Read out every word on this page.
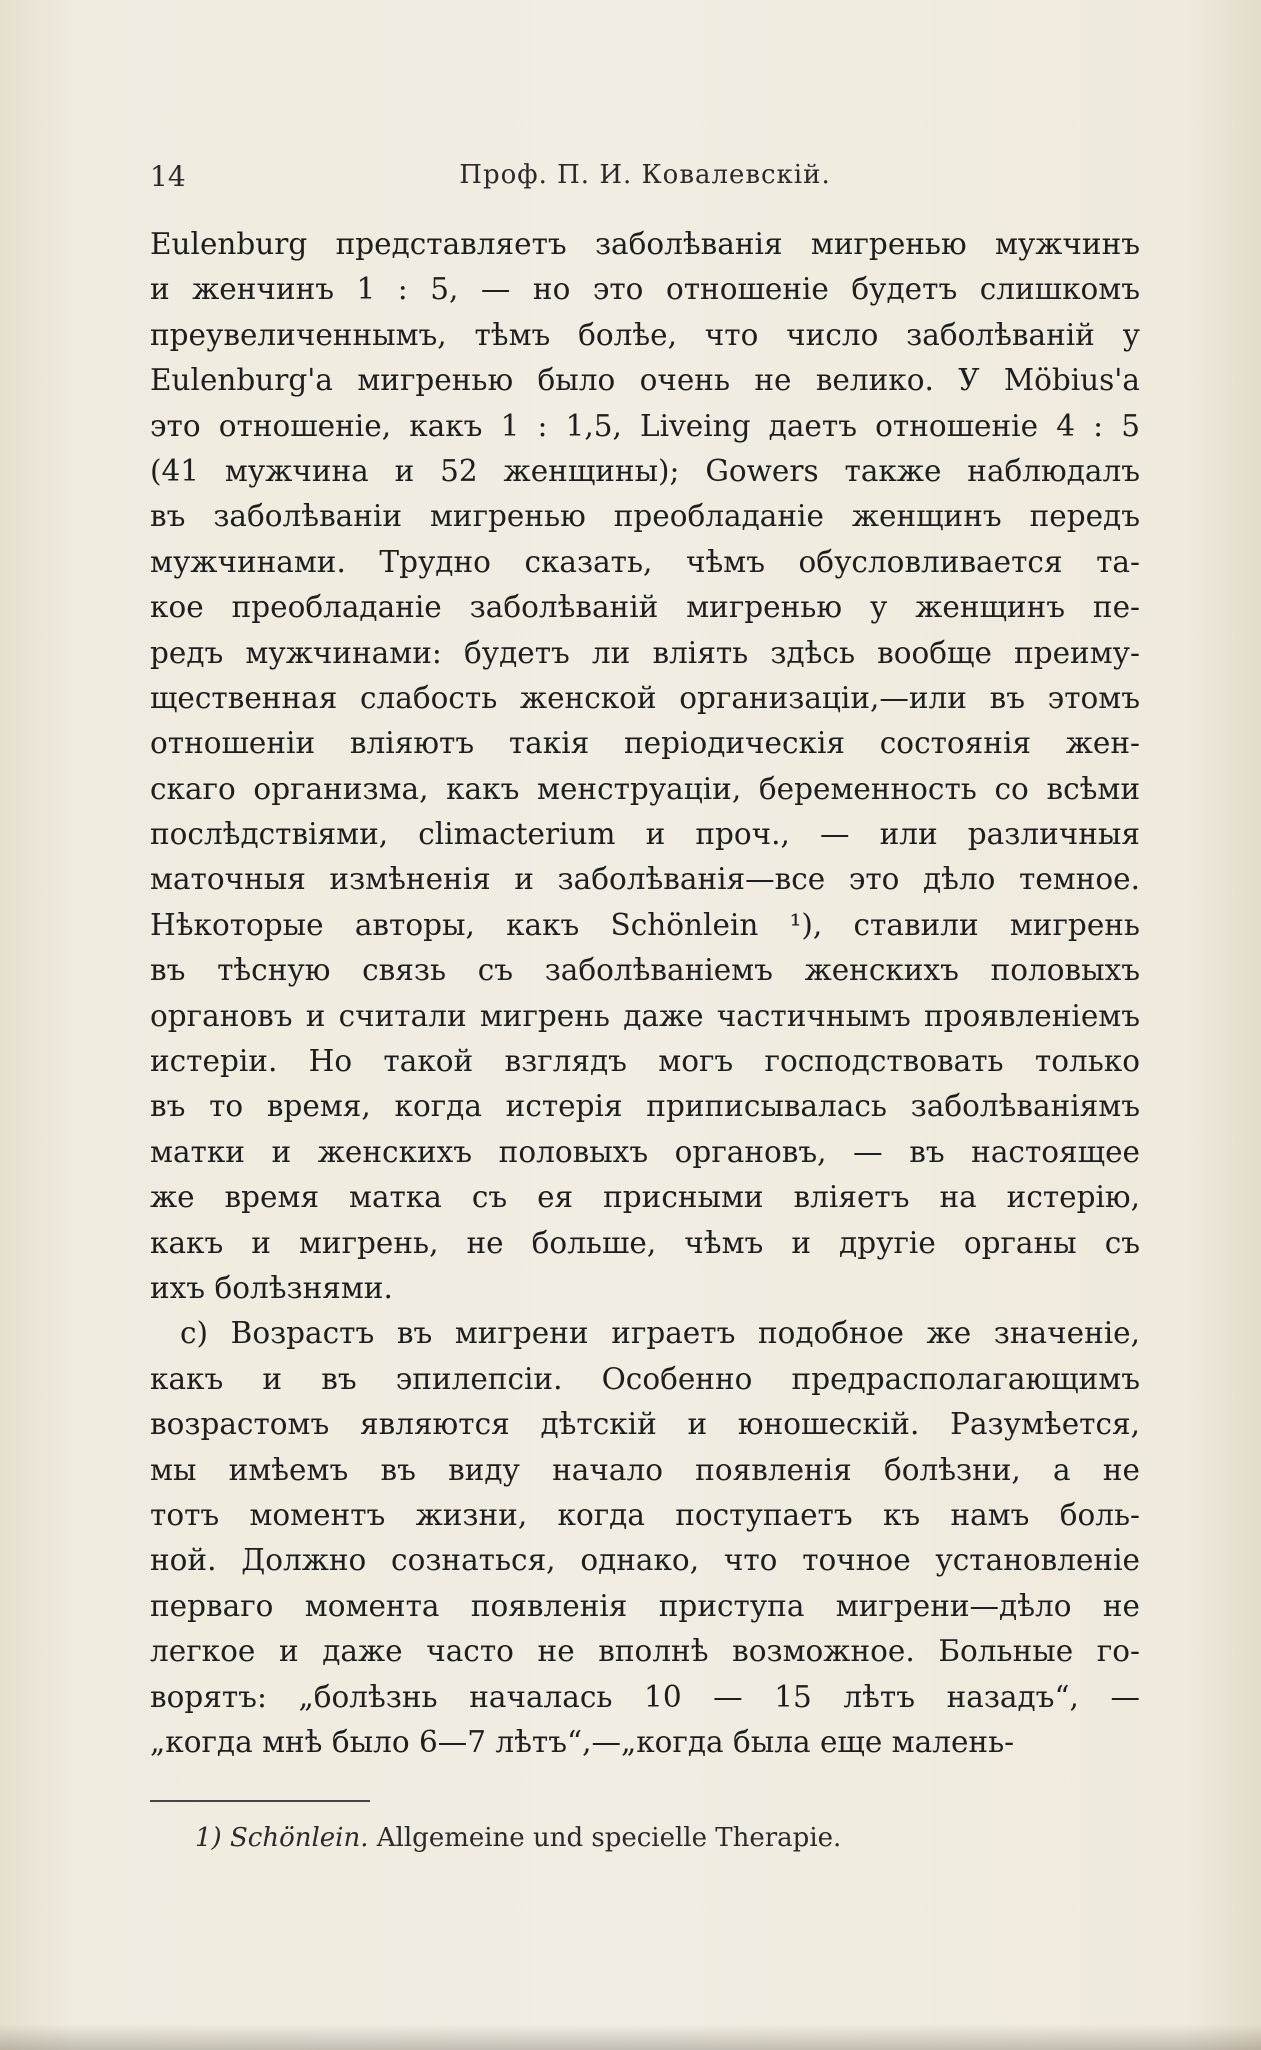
14	Проф. П. И. Ковалевскій.
Eulenburg представляетъ заболѣванія мигренью мужчинъ
и женчинъ 1 : 5, — но это отношеніе будетъ слишкомъ
преувеличеннымъ, тѣмъ болѣе, что число заболѣваній у
Eulenburg'а мигренью было очень не велико. У Möbius'а
это отношеніе, какъ 1 : 1,5, Liveing даетъ отношеніе 4 : 5
(41 мужчина и 52 женщины); Gowers также наблюдалъ
въ заболѣваніи мигренью преобладаніе женщинъ передъ
мужчинами. Трудно сказать, чѣмъ обусловливается та-
кое преобладаніе заболѣваній мигренью у женщинъ пе-
редъ мужчинами: будетъ ли вліять здѣсь вообще преиму-
щественная слабость женской организаціи,—или въ этомъ
отношеніи вліяютъ такія періодическія состоянія жен-
скаго организма, какъ менструаціи, беременность со всѣми
послѣдствіями, climacterium и проч., — или различныя
маточныя измѣненія и заболѣванія—все это дѣло темное.
Нѣкоторые авторы, какъ Schönlein ¹), ставили мигрень
въ тѣсную связь съ заболѣваніемъ женскихъ половыхъ
органовъ и считали мигрень даже частичнымъ проявленіемъ
истеріи. Но такой взглядъ могъ господствовать только
въ то время, когда истерія приписывалась заболѣваніямъ
матки и женскихъ половыхъ органовъ, — въ настоящее
же время матка съ ея присными вліяетъ на истерію,
какъ и мигрень, не больше, чѣмъ и другіе органы съ
ихъ болѣзнями.
с) Возрастъ въ мигрени играетъ подобное же значеніе,
какъ и въ эпилепсіи. Особенно предрасполагающимъ
возрастомъ являются дѣтскій и юношескій. Разумѣется,
мы имѣемъ въ виду начало появленія болѣзни, а не
тотъ моментъ жизни, когда поступаетъ къ намъ боль-
ной. Должно сознаться, однако, что точное установленіе
перваго момента появленія приступа мигрени—дѣло не
легкое и даже часто не вполнѣ возможное. Больные го-
ворятъ: „болѣзнь началась 10 — 15 лѣтъ назадъ“, —
„когда мнѣ было 6—7 лѣтъ“,—„когда была еще малень-
1) Schönlein. Allgemeine und specielle Therapie.
